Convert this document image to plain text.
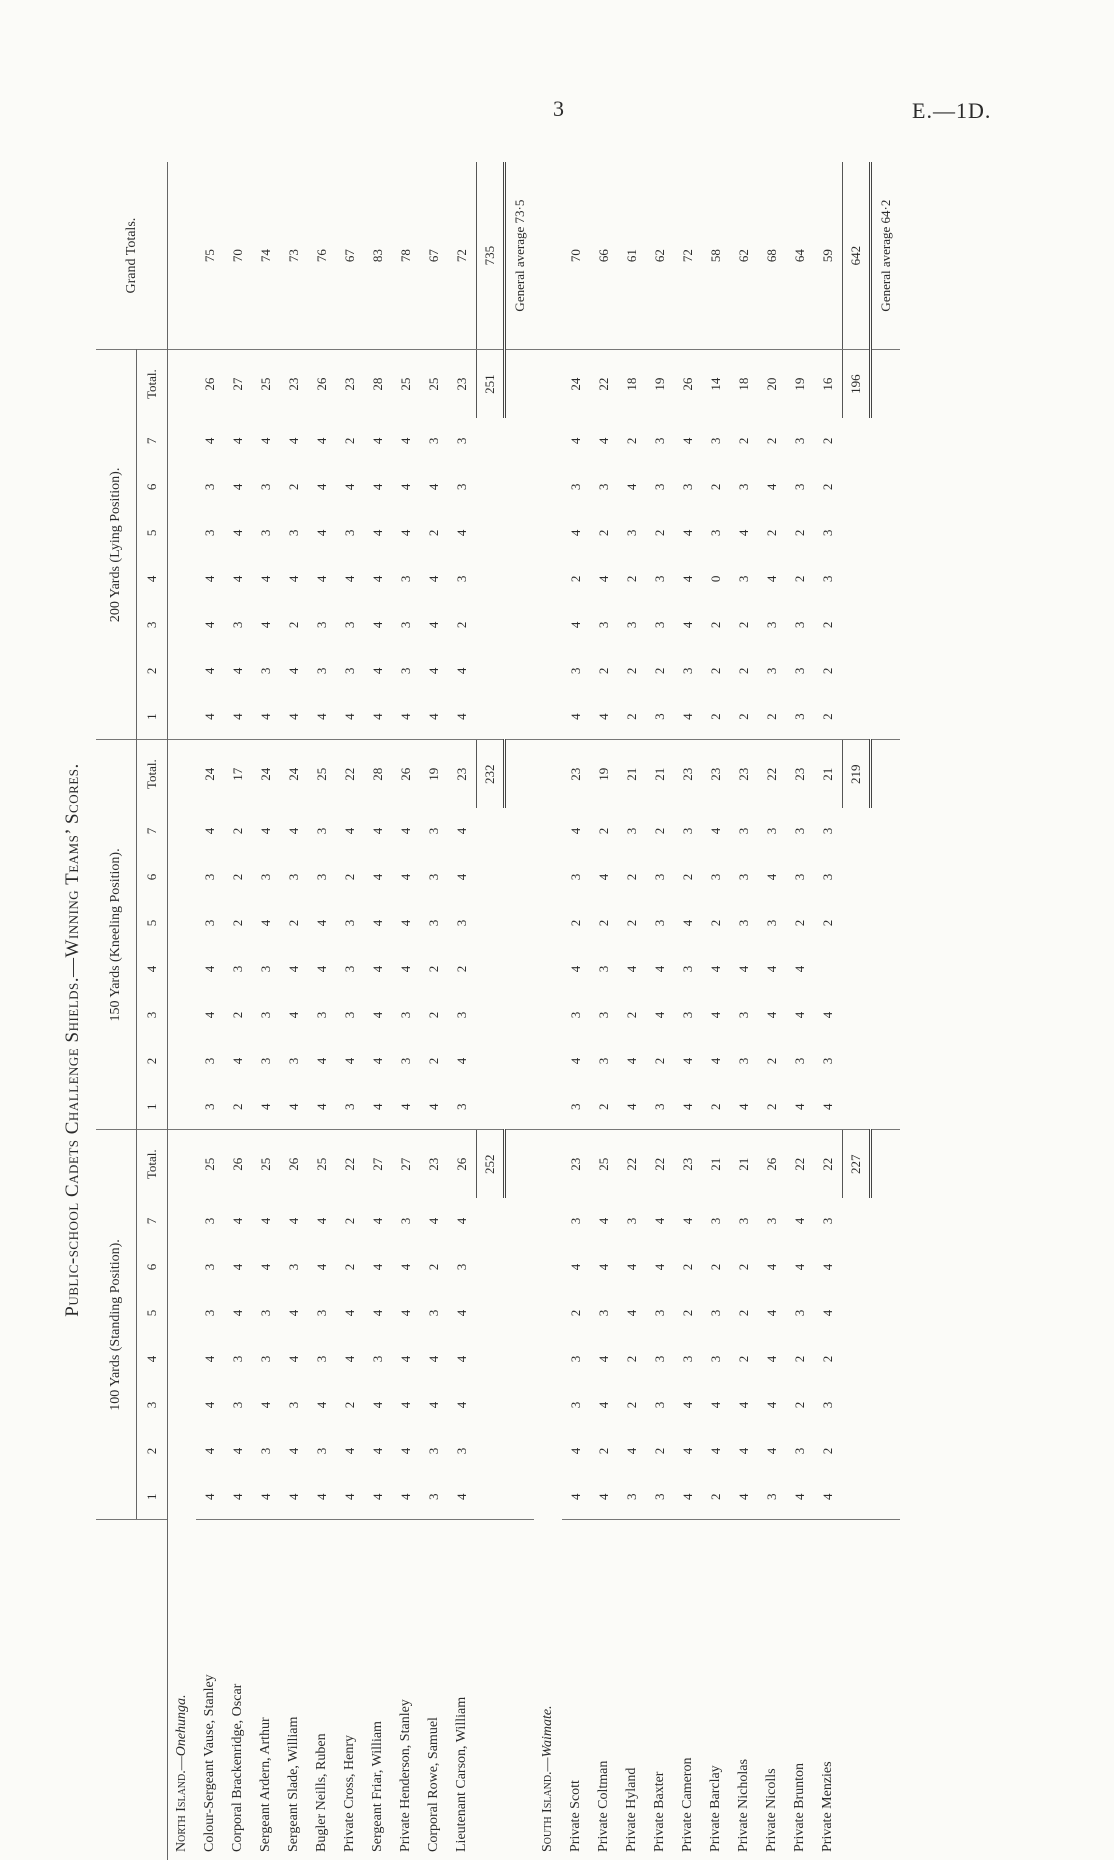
3	E.—1D.
Public-school Cadets Challenge Shields.—Winning Teams’ Scores.
	100 Yards (Standing Position).								150 Yards (Kneeling Position).								200 Yards (Lying Position).								Grand Totals.
	1	2	3	4	5	6	7	Total.	1	2	3	4	5	6	7	Total.	1	2	3	4	5	6	7	Total.	
North Island.—Onehunga.																									
Colour-Sergeant Vause, Stanley	4	4	4	4	3	3	3	25	3	3	4	4	3	3	4	24	4	4	4	4	3	3	4	26	75
Corporal Brackenridge, Oscar	4	4	3	3	4	4	4	26	2	4	2	3	2	2	2	17	4	4	3	4	4	4	4	27	70
Sergeant Ardern, Arthur	4	3	4	3	3	4	4	25	4	3	3	3	4	3	4	24	4	3	4	4	3	3	4	25	74
Sergeant Slade, William	4	4	3	4	4	3	4	26	4	3	4	4	2	3	4	24	4	4	2	4	3	2	4	23	73
Bugler Neills, Ruben	4	3	4	3	3	4	4	25	4	4	3	4	4	3	3	25	4	3	3	4	4	4	4	26	76
Private Cross, Henry	4	4	2	4	4	2	2	22	3	4	3	3	3	2	4	22	4	3	3	4	3	4	2	23	67
Sergeant Friar, William	4	4	4	3	4	4	4	27	4	4	4	4	4	4	4	28	4	4	4	4	4	4	4	28	83
Private Henderson, Stanley	4	4	4	4	4	4	3	27	4	3	3	4	4	4	4	26	4	3	3	3	4	4	4	25	78
Corporal Rowe, Samuel	3	3	4	4	3	2	4	23	4	2	2	2	3	3	3	19	4	4	4	4	2	4	3	25	67
Lieutenant Carson, William	4	3	4	4	4	3	4	26	3	4	3	2	3	4	4	23	4	4	2	3	4	3	3	23	72
								252								232								251	735
																									General average 73·5
South Island.—Waimate.																									
Private Scott	4	4	3	3	2	4	3	23	3	4	3	4	2	3	4	23	4	3	4	2	4	3	4	24	70
Private Coltman	4	2	4	4	3	4	4	25	2	3	3	3	2	4	2	19	4	2	3	4	2	3	4	22	66
Private Hyland	3	4	2	2	4	4	3	22	4	4	2	4	2	2	3	21	2	2	3	2	3	4	2	18	61
Private Baxter	3	2	3	3	3	4	4	22	3	2	4	4	3	3	2	21	3	2	3	3	2	3	3	19	62
Private Cameron	4	4	4	3	2	2	4	23	4	4	3	3	4	2	3	23	4	3	4	4	4	3	4	26	72
Private Barclay	2	4	4	3	3	2	3	21	2	4	4	4	2	3	4	23	2	2	2	0	3	2	3	14	58
Private Nicholas	4	4	4	2	2	2	3	21	4	3	3	4	3	3	3	23	2	2	2	3	4	3	2	18	62
Private Nicolls	3	4	4	4	4	4	3	26	2	2	4	4	3	4	3	22	2	3	3	4	2	4	2	20	68
Private Brunton	4	3	2	2	3	4	4	22	4	3	4	4	2	3	3	23	3	3	3	2	2	3	3	19	64
Private Menzies	4	2	3	2	4	4	3	22	4	3	4		2	3	3	21	2	2	2	3	3	2	2	16	59
								227								219								196	642
																									General average 64·2
